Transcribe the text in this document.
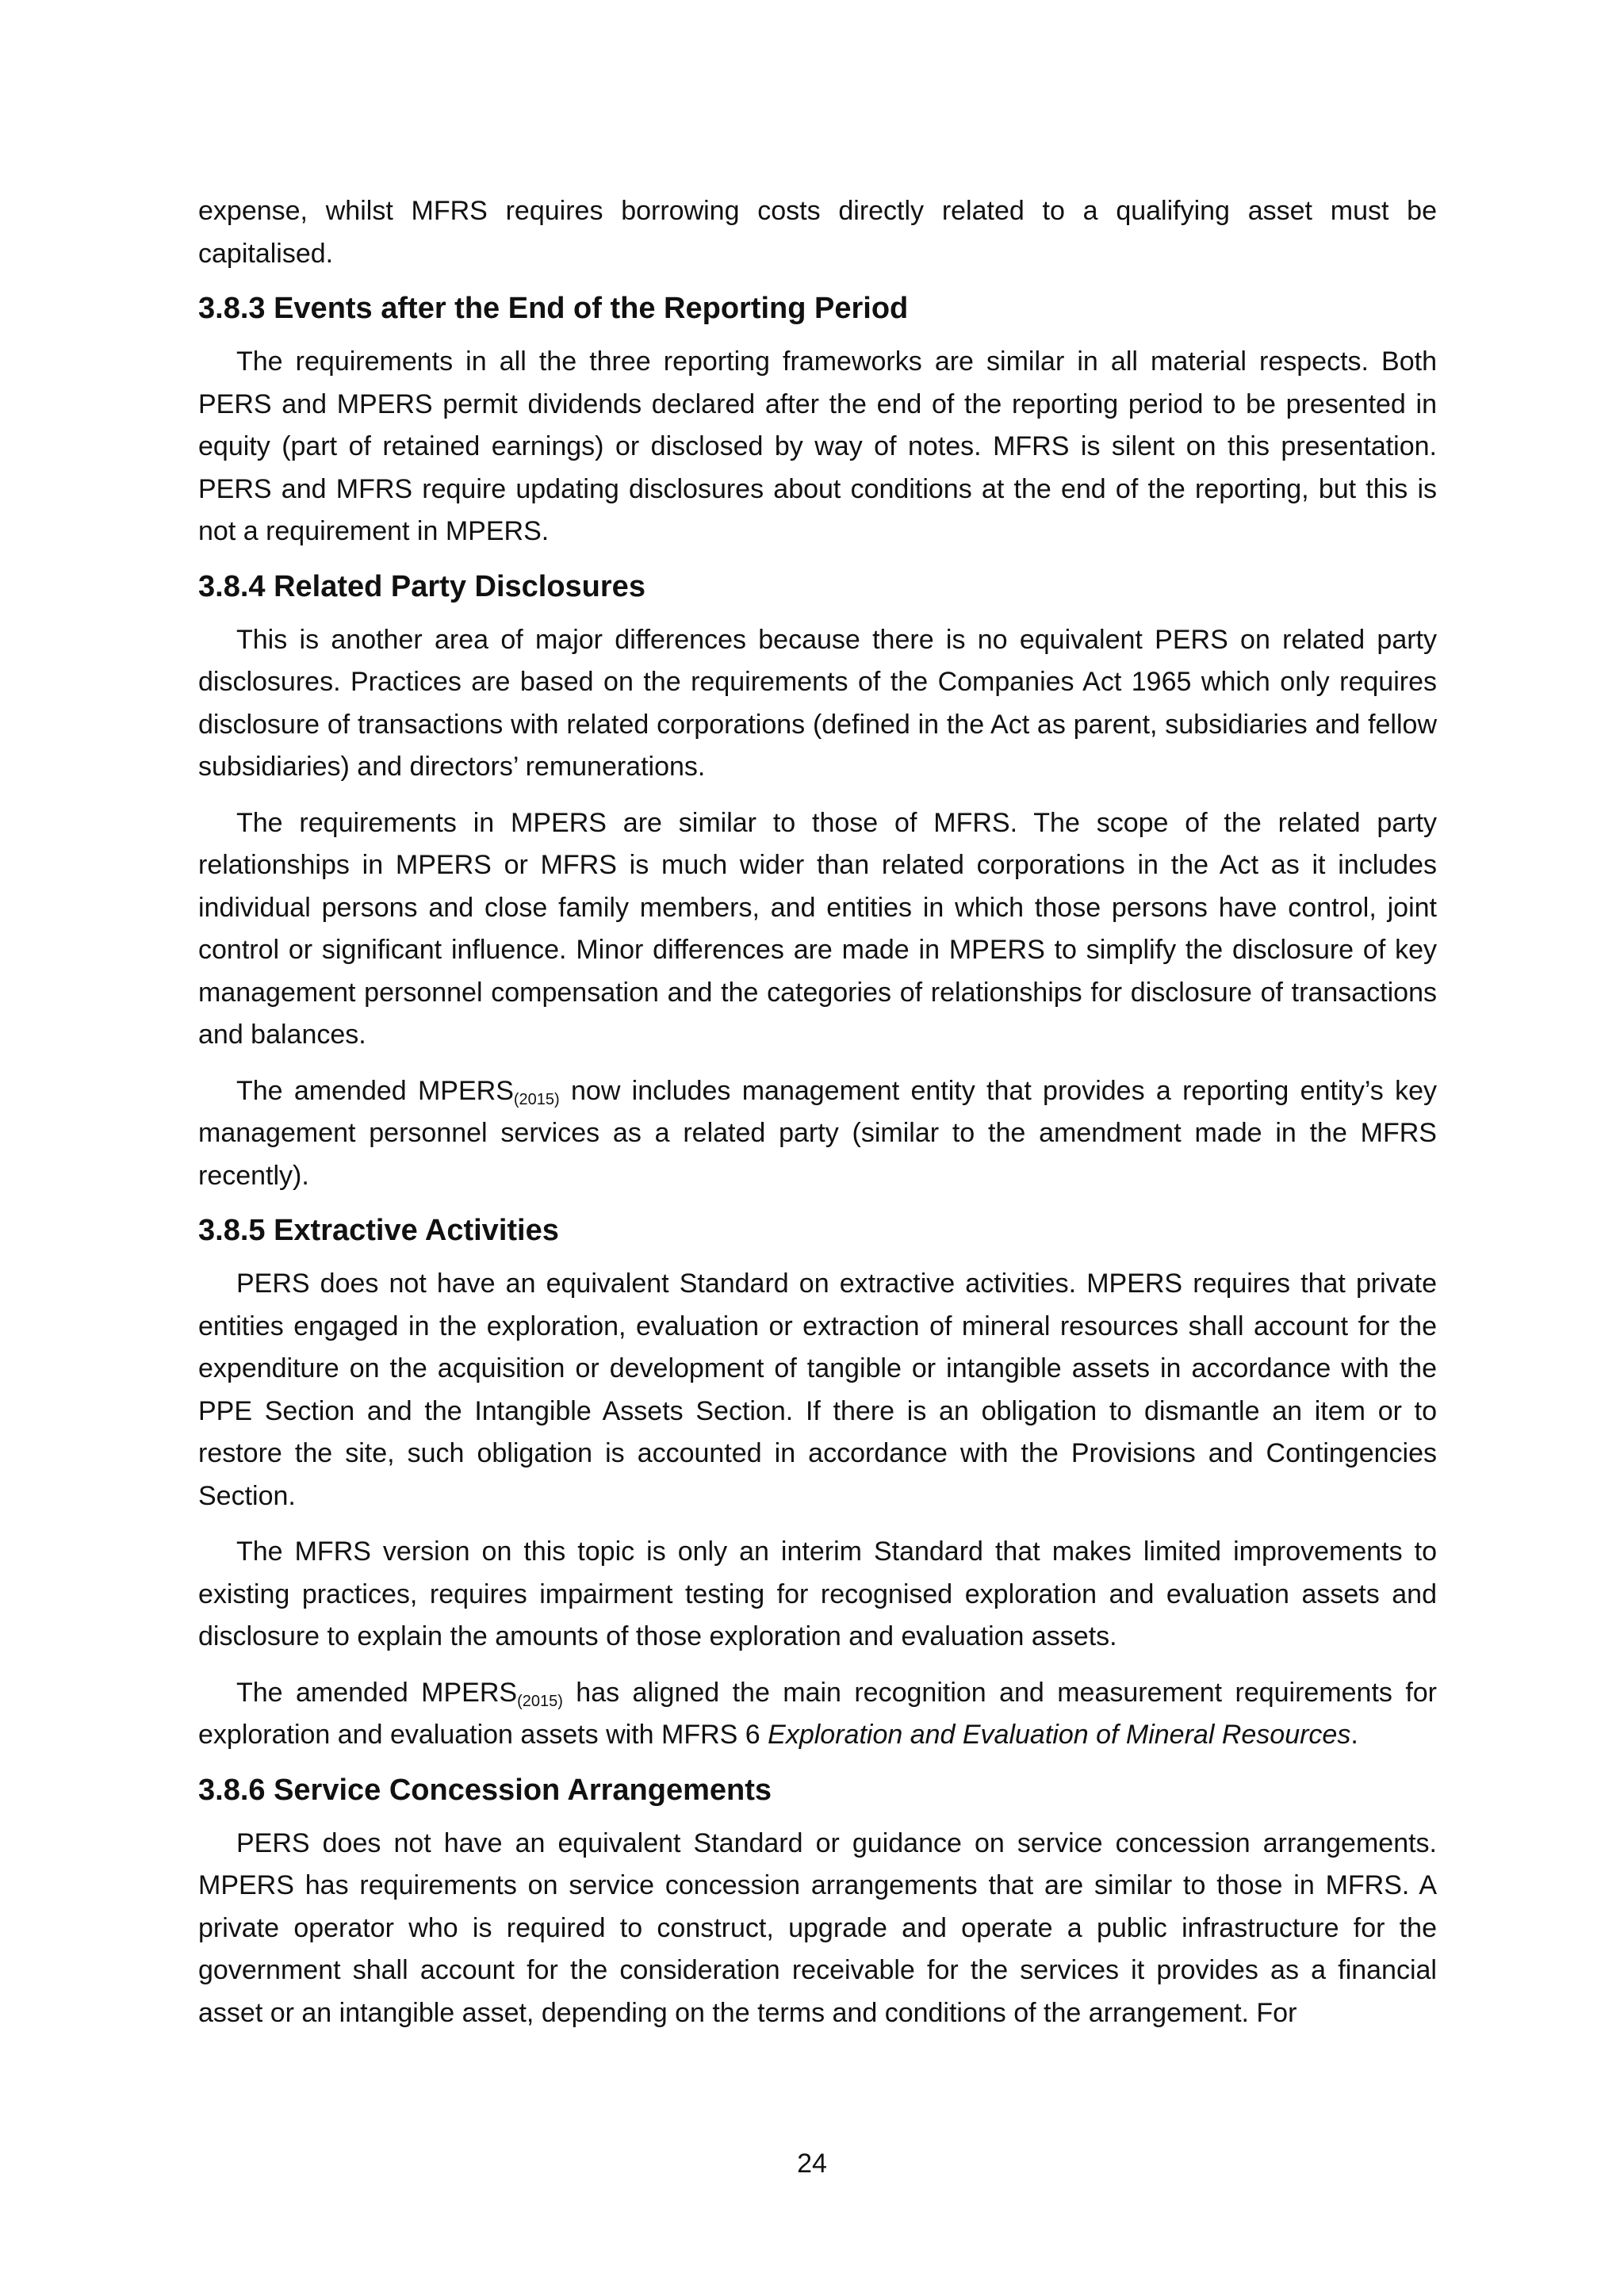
expense, whilst MFRS requires borrowing costs directly related to a qualifying asset must be capitalised.

3.8.3 Events after the End of the Reporting Period

The requirements in all the three reporting frameworks are similar in all material respects. Both PERS and MPERS permit dividends declared after the end of the reporting period to be presented in equity (part of retained earnings) or disclosed by way of notes. MFRS is silent on this presentation. PERS and MFRS require updating disclosures about conditions at the end of the reporting, but this is not a requirement in MPERS.

3.8.4 Related Party Disclosures

This is another area of major differences because there is no equivalent PERS on related party disclosures. Practices are based on the requirements of the Companies Act 1965 which only requires disclosure of transactions with related corporations (defined in the Act as parent, subsidiaries and fellow subsidiaries) and directors’ remunerations.

The requirements in MPERS are similar to those of MFRS. The scope of the related party relationships in MPERS or MFRS is much wider than related corporations in the Act as it includes individual persons and close family members, and entities in which those persons have control, joint control or significant influence. Minor differences are made in MPERS to simplify the disclosure of key management personnel compensation and the categories of relationships for disclosure of transactions and balances.

The amended $MPERS_{(2015)}$ now includes management entity that provides a reporting entity’s key management personnel services as a related party (similar to the amendment made in the MFRS recently).

3.8.5 Extractive Activities

PERS does not have an equivalent Standard on extractive activities. MPERS requires that private entities engaged in the exploration, evaluation or extraction of mineral resources shall account for the expenditure on the acquisition or development of tangible or intangible assets in accordance with the PPE Section and the Intangible Assets Section. If there is an obligation to dismantle an item or to restore the site, such obligation is accounted in accordance with the Provisions and Contingencies Section.

The MFRS version on this topic is only an interim Standard that makes limited improvements to existing practices, requires impairment testing for recognised exploration and evaluation assets and disclosure to explain the amounts of those exploration and evaluation assets.

The amended $MPERS_{(2015)}$ has aligned the main recognition and measurement requirements for exploration and evaluation assets with MFRS 6 Exploration and Evaluation of Mineral Resources.

3.8.6 Service Concession Arrangements

PERS does not have an equivalent Standard or guidance on service concession arrangements. MPERS has requirements on service concession arrangements that are similar to those in MFRS. A private operator who is required to construct, upgrade and operate a public infrastructure for the government shall account for the consideration receivable for the services it provides as a financial asset or an intangible asset, depending on the terms and conditions of the arrangement. For

24
